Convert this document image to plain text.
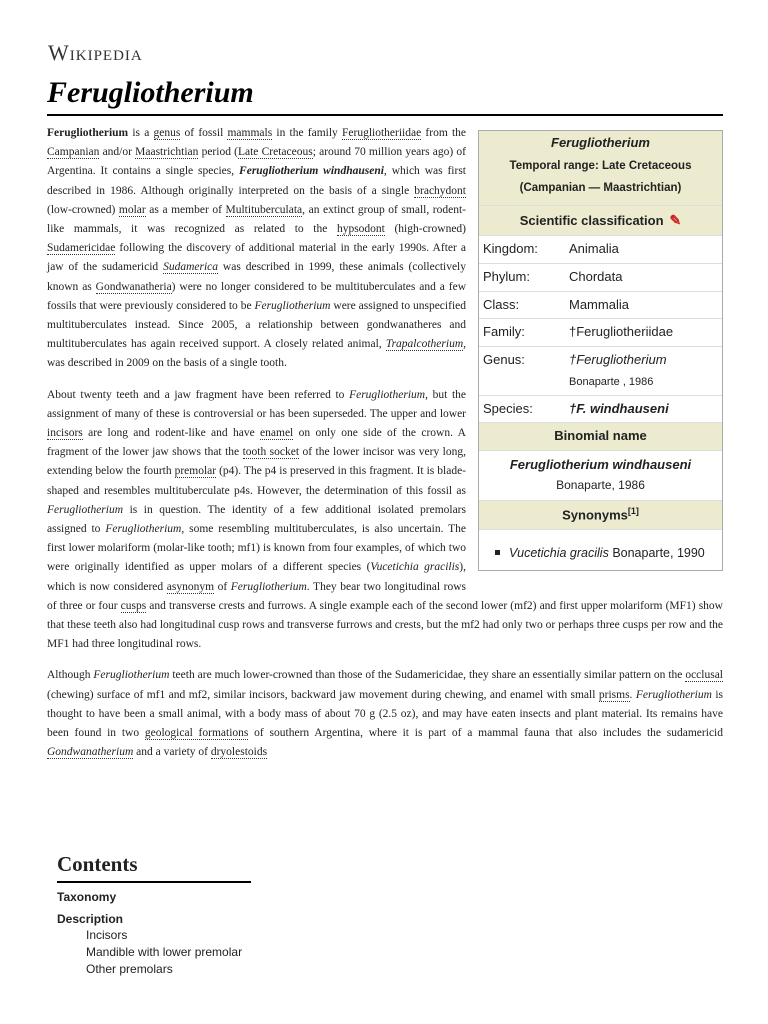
Wikipedia
Ferugliotherium
Ferugliotherium
Temporal range: Late Cretaceous
(Campanian — Maastrichtian)
Scientific classification ✎
Kingdom:	Animalia
Phylum:	Chordata
Class:	Mammalia
Family:	†Ferugliotheriidae
Genus:	†Ferugliotherium
Bonaparte , 1986
Species:	†F. windhauseni
Binomial name
Ferugliotherium windhauseni
Bonaparte, 1986
Synonyms[1]
Vucetichia gracilis Bonaparte, 1990

Ferugliotherium is a genus of fossil mammals in the family Ferugliotheriidae from the Campanian and/or Maastrichtian period (Late Cretaceous; around 70 million years ago) of Argentina. It contains a single species, Ferugliotherium windhauseni, which was first described in 1986. Although originally interpreted on the basis of a single brachydont (low-crowned) molar as a member of Multituberculata, an extinct group of small, rodent-like mammals, it was recognized as related to the hypsodont (high-crowned) Sudamericidae following the discovery of additional material in the early 1990s. After a jaw of the sudamericid Sudamerica was described in 1999, these animals (collectively known as Gondwanatheria) were no longer considered to be multituberculates and a few fossils that were previously considered to be Ferugliotherium were assigned to unspecified multituberculates instead. Since 2005, a relationship between gondwanatheres and multituberculates has again received support. A closely related animal, Trapalcotherium, was described in 2009 on the basis of a single tooth.

About twenty teeth and a jaw fragment have been referred to Ferugliotherium, but the assignment of many of these is controversial or has been superseded. The upper and lower incisors are long and rodent-like and have enamel on only one side of the crown. A fragment of the lower jaw shows that the tooth socket of the lower incisor was very long, extending below the fourth premolar (p4). The p4 is preserved in this fragment. It is blade-shaped and resembles multituberculate p4s. However, the determination of this fossil as Ferugliotherium is in question. The identity of a few additional isolated premolars assigned to Ferugliotherium, some resembling multituberculates, is also uncertain. The first lower molariform (molar-like tooth; mf1) is known from four examples, of which two were originally identified as upper molars of a different species (Vucetichia gracilis), which is now considered asynonym of Ferugliotherium. They bear two longitudinal rows of three or four cusps and transverse crests and furrows. A single example each of the second lower (mf2) and first upper molariform (MF1) show that these teeth also had longitudinal cusp rows and transverse furrows and crests, but the mf2 had only two or perhaps three cusps per row and the MF1 had three longitudinal rows.

Although Ferugliotherium teeth are much lower-crowned than those of the Sudamericidae, they share an essentially similar pattern on the occlusal (chewing) surface of mf1 and mf2, similar incisors, backward jaw movement during chewing, and enamel with small prisms. Ferugliotherium is thought to have been a small animal, with a body mass of about 70 g (2.5 oz), and may have eaten insects and plant material. Its remains have been found in two geological formations of southern Argentina, where it is part of a mammal fauna that also includes the sudamericid Gondwanatherium and a variety of dryolestoids

Contents
Taxonomy
Description
Incisors
Mandible with lower premolar
Other premolars
